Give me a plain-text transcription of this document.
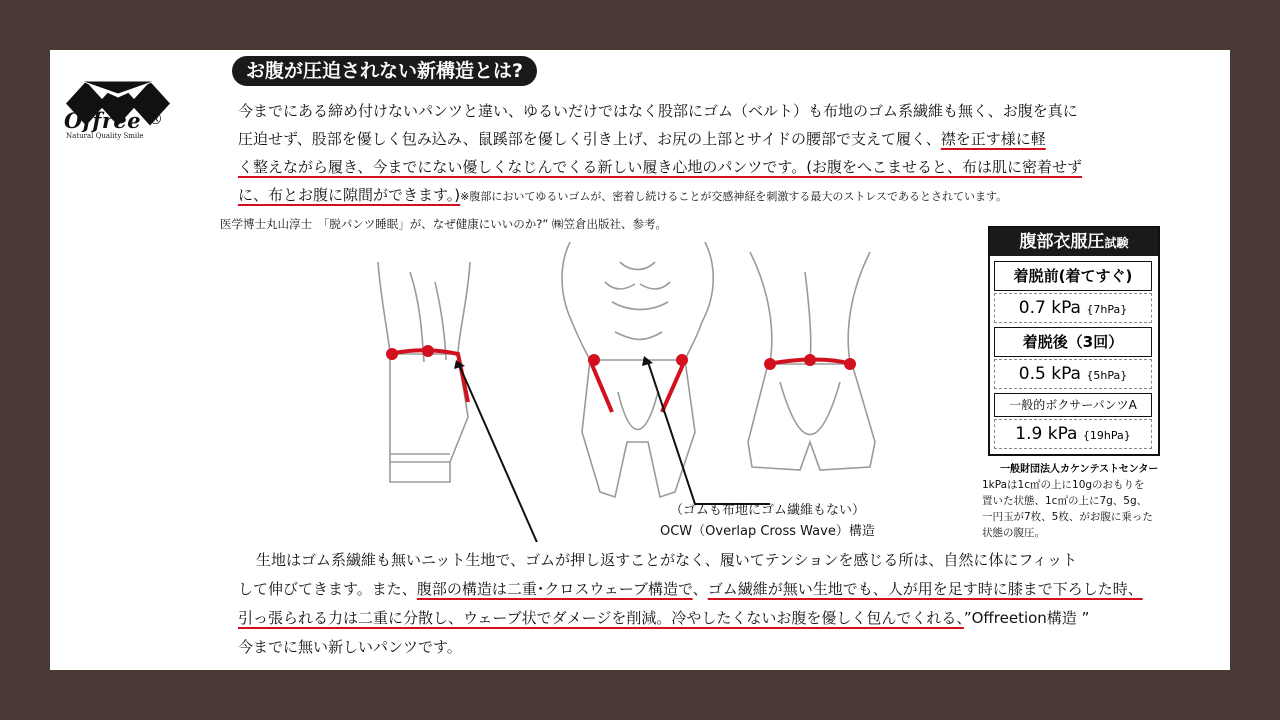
Offree ®
Natural Quality Smile
お腹が圧迫されない新構造とは?
今までにある締め付けないパンツと違い、ゆるいだけではなく股部にゴム（ベルト）も布地のゴム系繊維も無く、お腹を真に
圧迫せず、股部を優しく包み込み、鼠蹊部を優しく引き上げ、お尻の上部とサイドの腰部で支えて履く、襟を正す様に軽
く整えながら履き、今までにない優しくなじんでくる新しい履き心地のパンツです。(お腹をへこませると、布は肌に密着せず
に、布とお腹に隙間ができます。)※腹部においてゆるいゴムが、密着し続けることが交感神経を刺激する最大のストレスであるとされています。
医学博士丸山淳士　「脱パンツ睡眠」が、なぜ健康にいいのか?” ㈱笠倉出版社、参考。
（ゴムも布地にゴム繊維もない）
OCW（Overlap Cross Wave）構造
腹部衣服圧試験
着脱前(着てすぐ)
0.7 kPa {7hPa}
着脱後（3回）
0.5 kPa {5hPa}
一般的ボクサーパンツA
1.9 kPa {19hPa}
一般財団法人カケンテストセンター
1kPaは1c㎡の上に10gのおもりを
置いた状態、1c㎡の上に7g、5g、
一円玉が7枚、5枚、がお腹に乗った
状態の腹圧。
生地はゴム系繊維も無いニット生地で、ゴムが押し返すことがなく、履いてテンションを感じる所は、自然に体にフィット
して伸びてきます。また、腹部の構造は二重･クロスウェーブ構造で、ゴム繊維が無い生地でも、人が用を足す時に膝まで下ろした時、
引っ張られる力は二重に分散し、ウェーブ状でダメージを削減。冷やしたくないお腹を優しく包んでくれる、”Offreetion構造 ”
今までに無い新しいパンツです。
